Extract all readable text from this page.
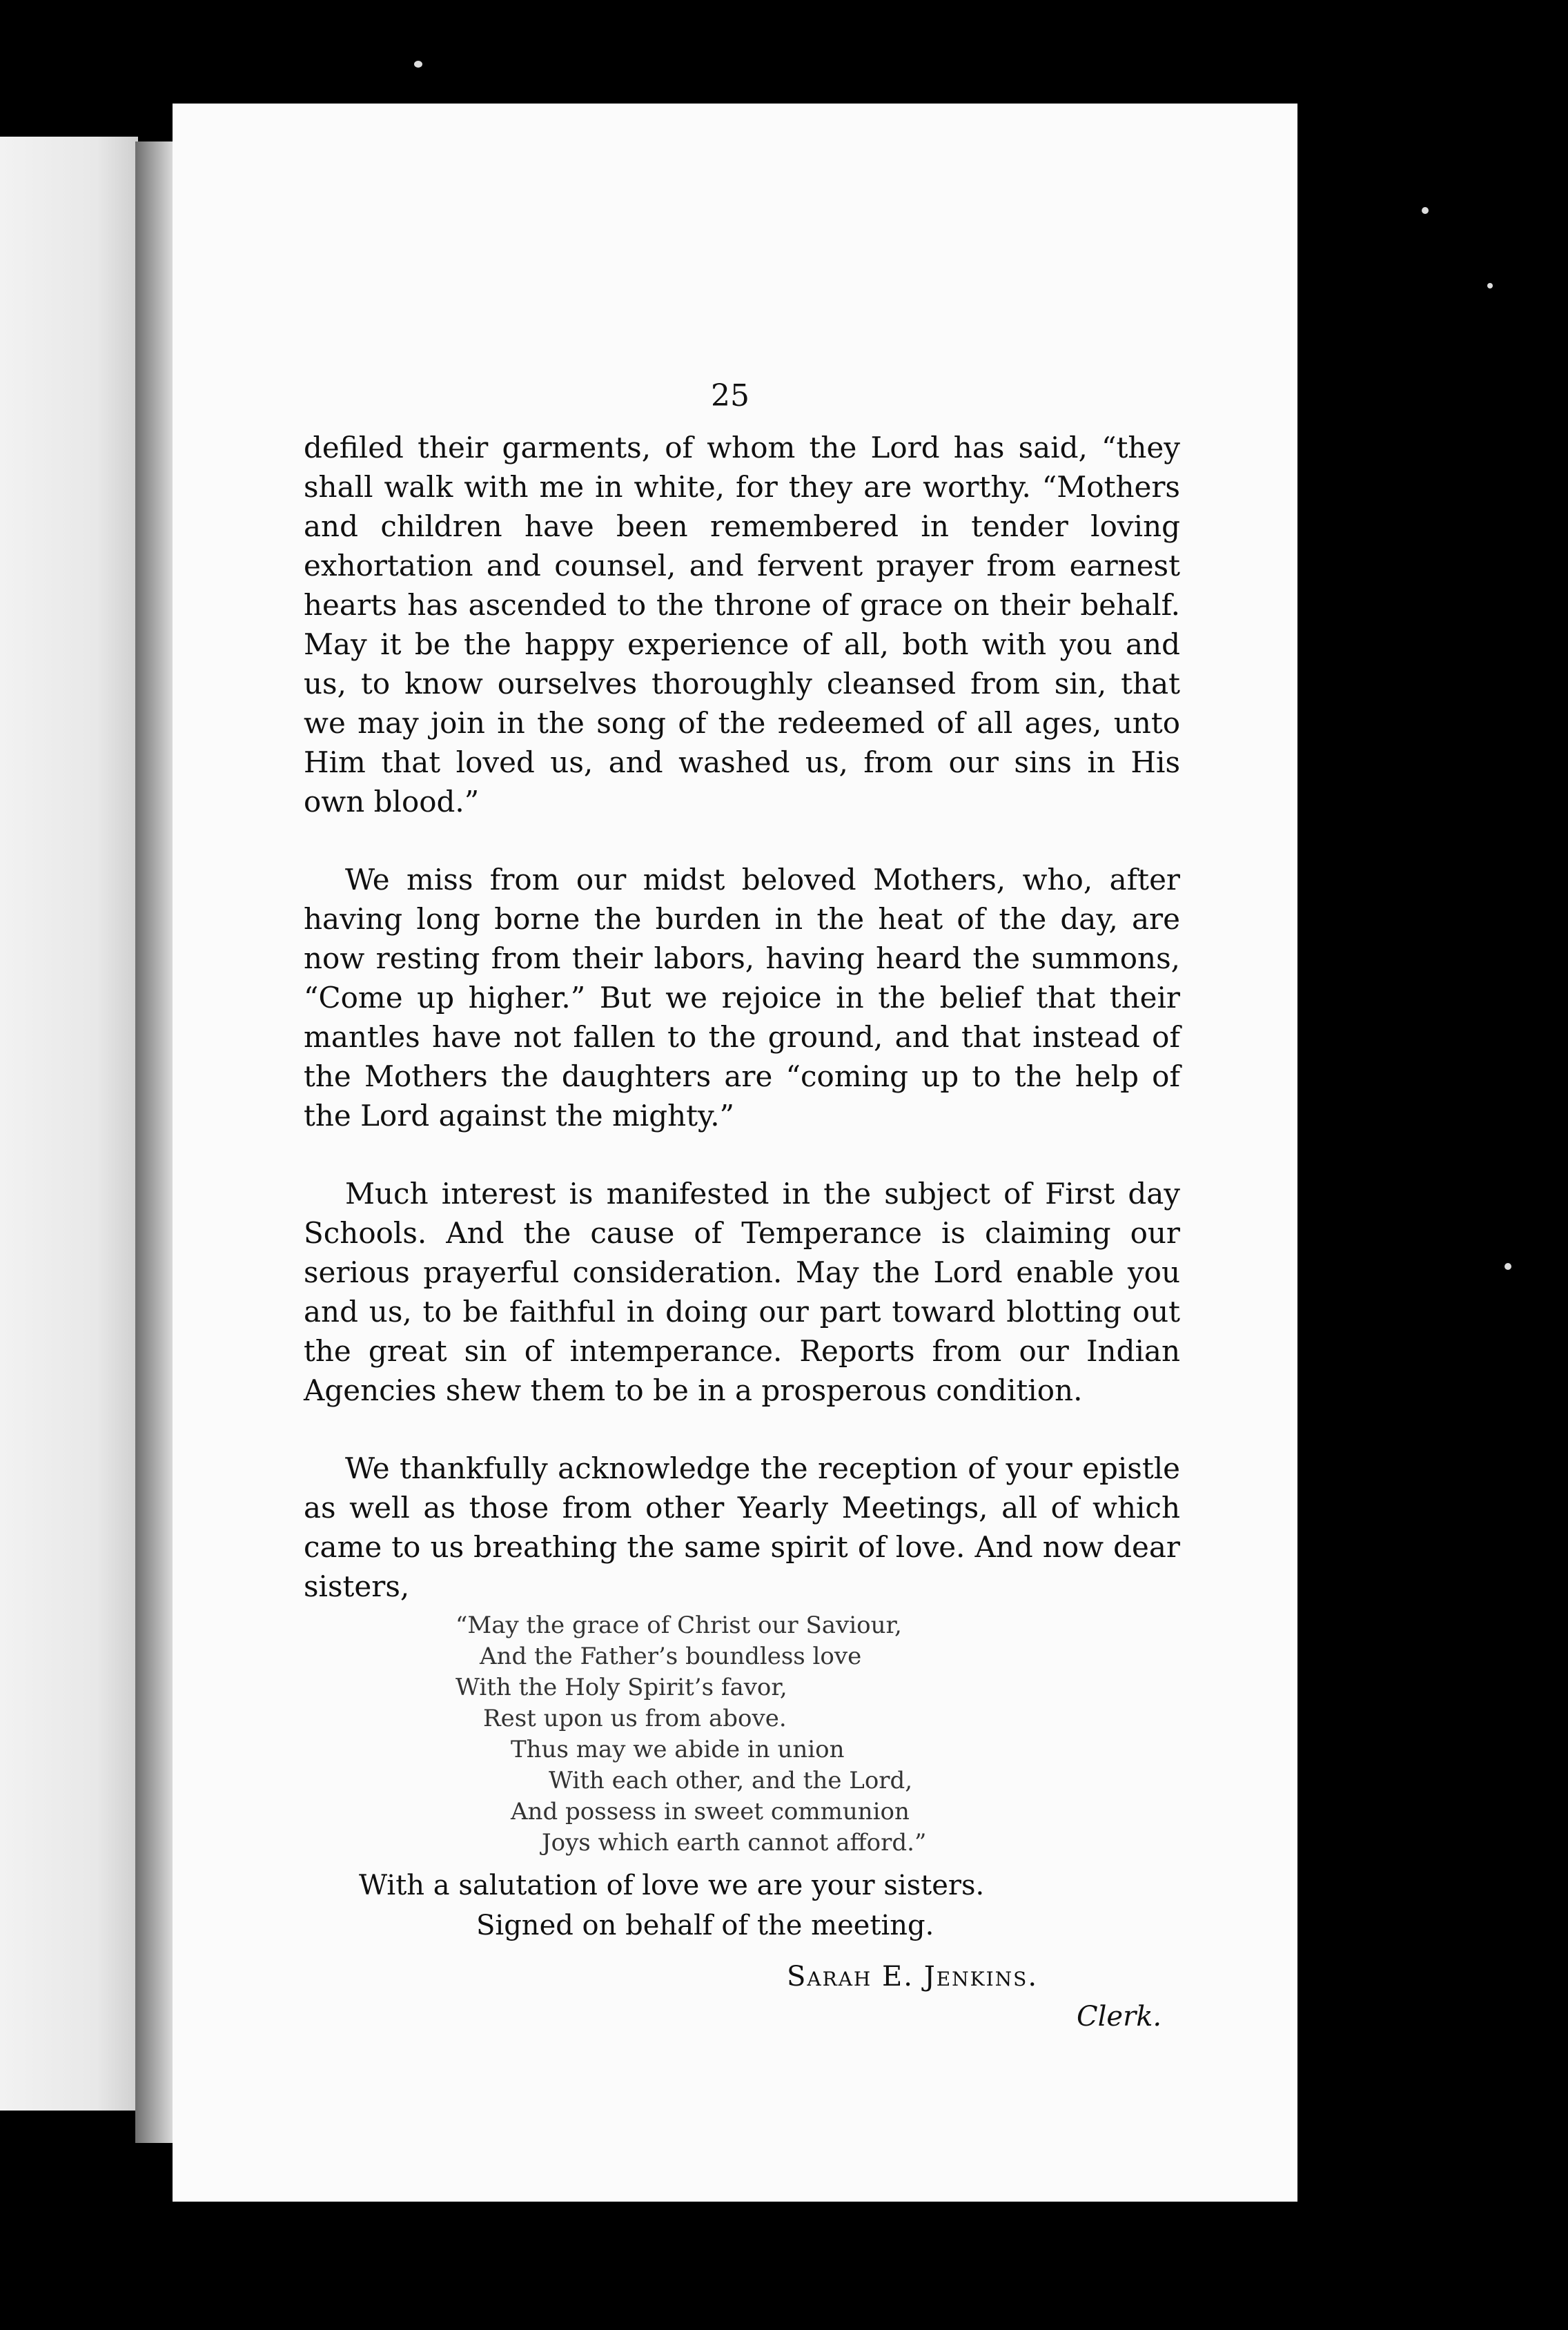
25

defiled their garments, of whom the Lord has said, “they shall walk with me in white, for they are worthy. “Mothers and children have been remembered in tender loving exhortation and counsel, and fervent prayer from earnest hearts has ascended to the throne of grace on their behalf. May it be the happy experience of all, both with you and us, to know ourselves thoroughly cleansed from sin, that we may join in the song of the redeemed of all ages, unto Him that loved us, and washed us, from our sins in His own blood.”

We miss from our midst beloved Mothers, who, after having long borne the burden in the heat of the day, are now resting from their labors, having heard the summons, “Come up higher.” But we rejoice in the belief that their mantles have not fallen to the ground, and that instead of the Mothers the daughters are “coming up to the help of the Lord against the mighty.”

Much interest is manifested in the subject of First day Schools. And the cause of Temperance is claiming our serious prayerful consideration. May the Lord enable you and us, to be faithful in doing our part toward blotting out the great sin of intemperance. Reports from our Indian Agencies shew them to be in a prosperous condition.

We thankfully acknowledge the reception of your epistle as well as those from other Yearly Meetings, all of which came to us breathing the same spirit of love. And now dear sisters,

“May the grace of Christ our Saviour,
And the Father’s boundless love
With the Holy Spirit’s favor,
Rest upon us from above.
Thus may we abide in union
With each other, and the Lord,
And possess in sweet communion
Joys which earth cannot afford.”

With a salutation of love we are your sisters.

Signed on behalf of the meeting.

Sarah E. Jenkins.

Clerk.
